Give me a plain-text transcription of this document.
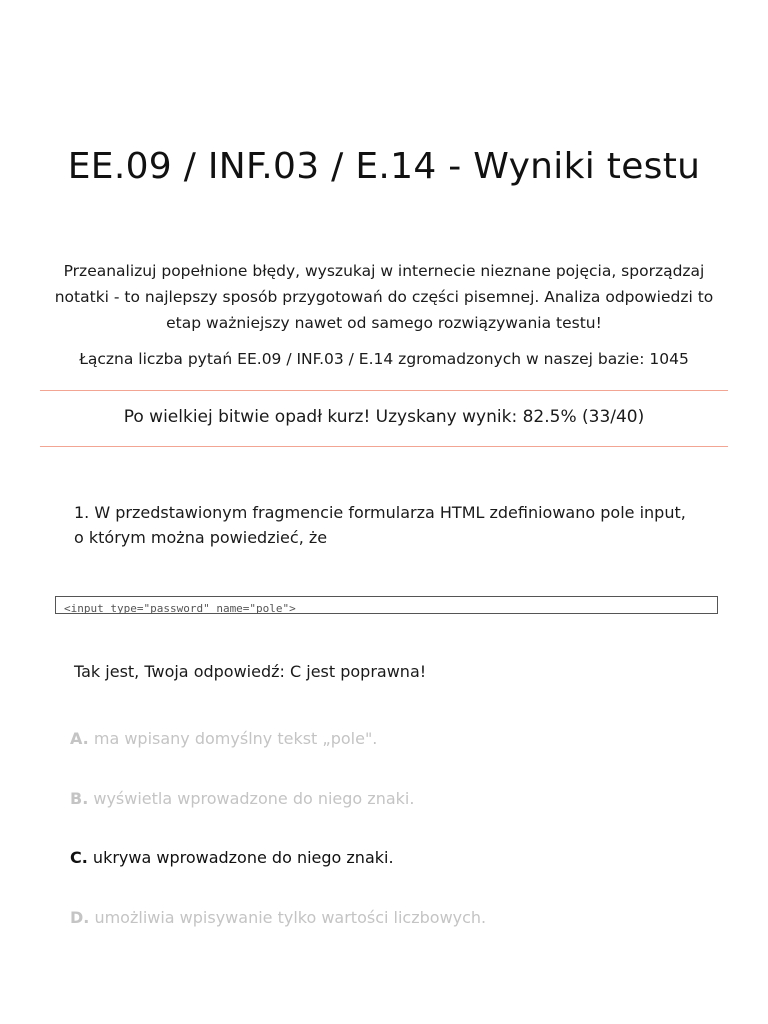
EE.09 / INF.03 / E.14 - Wyniki testu

Przeanalizuj popełnione błędy, wyszukaj w internecie nieznane pojęcia, sporządzaj notatki - to najlepszy sposób przygotowań do części pisemnej. Analiza odpowiedzi to etap ważniejszy nawet od samego rozwiązywania testu!

Łączna liczba pytań EE.09 / INF.03 / E.14 zgromadzonych w naszej bazie: 1045

Po wielkiej bitwie opadł kurz! Uzyskany wynik: 82.5% (33/40)

1. W przedstawionym fragmencie formularza HTML zdefiniowano pole input, o którym można powiedzieć, że

<input type="password" name="pole">

Tak jest, Twoja odpowiedź: C jest poprawna!

A. ma wpisany domyślny tekst „pole".

B. wyświetla wprowadzone do niego znaki.

C. ukrywa wprowadzone do niego znaki.

D. umożliwia wpisywanie tylko wartości liczbowych.
